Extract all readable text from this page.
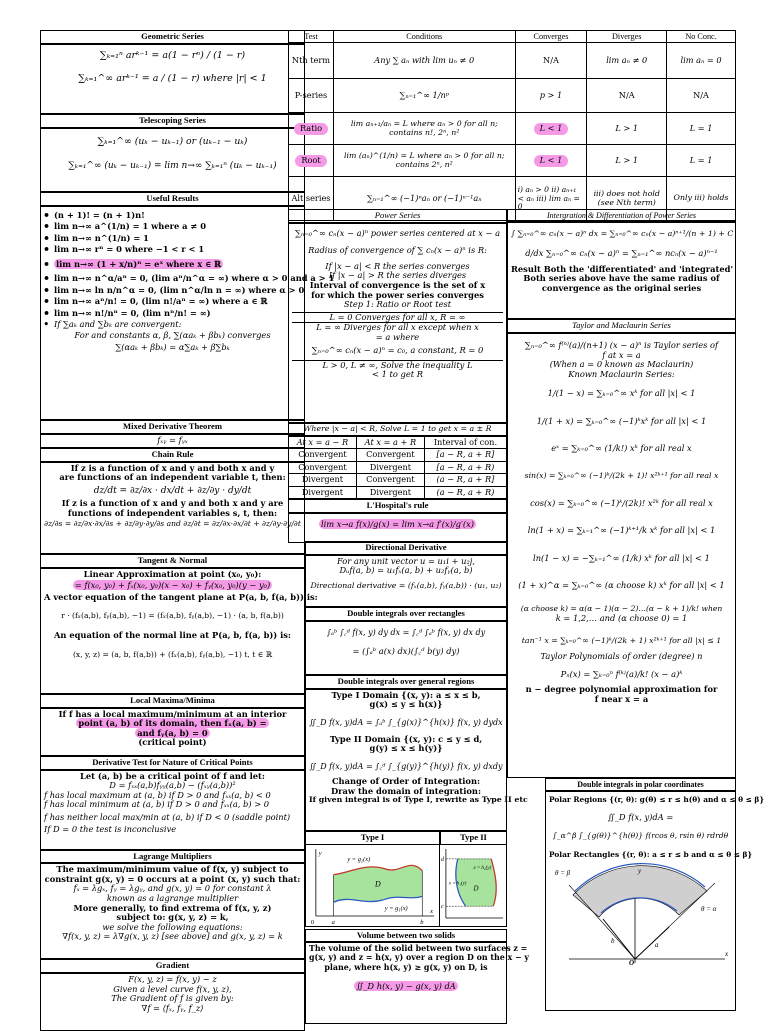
Geometric Series
∑ₖ₌₁ⁿ arᵏ⁻¹ = a(1 − rⁿ) / (1 − r)
∑ₖ₌₁^∞ arᵏ⁻¹ = a / (1 − r) where |r| < 1
Telescoping Series
∑ₖ₌₁^∞ (uₖ − uₖ₋₁) or (uₖ₋₁ − uₖ)
∑ₖ₌₁^∞ (uₖ − uₖ₋₁) = lim n→∞ ∑ₖ₌₁ⁿ (uₖ − uₖ₋₁)
Useful Results
• (n + 1)! = (n + 1)n!
• lim n→∞ a^(1/n) = 1 where a ≠ 0
• lim n→∞ n^(1/n) = 1
• lim n→∞ rⁿ = 0 where −1 < r < 1
• lim n→∞ (1 + x/n)ⁿ = eˣ where x ∈ ℝ
• lim n→∞ n^α/aⁿ = 0, (lim aⁿ/n^α = ∞) where α > 0 and a > 1
• lim n→∞ ln n/n^α = 0, (lim n^α/ln n = ∞) where α > 0
• lim n→∞ aⁿ/n! = 0, (lim n!/aⁿ = ∞) where a ∈ ℝ
• lim n→∞ n!/nⁿ = 0, (lim nⁿ/n! = ∞)
• If ∑aₖ and ∑bₖ are convergent:
For and constants α, β, ∑(αaₖ + βbₖ) converges
∑(αaₖ + βbₖ) = α∑aₖ + β∑bₖ
Mixed Derivative Theorem
fₓᵧ = fᵧₓ
Chain Rule
If z is a function of x and y and both x and y
are functions of an independent variable t, then:
dz/dt = ∂z/∂x · dx/dt + ∂z/∂y · dy/dt
If z is a function of x and y and both x and y are
functions of independent variables s, t, then:
∂z/∂s = ∂z/∂x·∂x/∂s + ∂z/∂y·∂y/∂s and ∂z/∂t = ∂z/∂x·∂x/∂t + ∂z/∂y·∂y/∂t
Tangent & Normal
Linear Approximation at point (x₀, y₀):
= f(x₀, y₀) + fₓ(x₀, y₀)(x − x₀) + fᵧ(x₀, y₀)(y − y₀)
A vector equation of the tangent plane at P(a, b, f(a, b)) is:
r · (fₓ(a,b), fᵧ(a,b), −1) = (fₓ(a,b), fᵧ(a,b), −1) · (a, b, f(a,b))
An equation of the normal line at P(a, b, f(a, b)) is:
(x, y, z) = (a, b, f(a,b)) + (fₓ(a,b), fᵧ(a,b), −1) t, t ∈ ℝ
Local Maxima/Minima
If f has a local maximum/minimum at an interior
point (a, b) of its domain, then fₓ(a, b) =
and fᵧ(a, b) = 0
(critical point)
Derivative Test for Nature of Critical Points
Let (a, b) be a critical point of f and let:
D = fₓₓ(a,b)fᵧᵧ(a,b) − (fₓᵧ(a,b))²
f has local maximum at (a, b) if D > 0 and fₓₓ(a, b) < 0
f has local minimum at (a, b) if D > 0 and fₓₓ(a, b) > 0
f has neither local max/min at (a, b) if D < 0 (saddle point)
If D = 0 the test is inconclusive
Lagrange Multipliers
The maximum/minimum value of f(x, y) subject to
constraint g(x, y) = 0 occurs at a point (x, y) such that:
fₓ = λgₓ, fᵧ = λgᵧ, and g(x, y) = 0 for constant λ
known as a lagrange multiplier
More generally, to find extrema of f(x, y, z)
subject to: g(x, y, z) = k,
we solve the following equations:
∇f(x, y, z) = λ∇g(x, y, z) [see above] and g(x, y, z) = k
Gradient
F(x, y, z) = f(x, y) − z
Given a level curve f(x, y, z),
The Gradient of f is given by:
∇f = ⟨fₓ, fᵧ, f_z⟩
Test	Conditions	Converges	Diverges	No Conc.
Nth term	Any ∑ aₙ with lim uₙ ≠ 0	N/A	lim aₙ ≠ 0	lim aₙ = 0
P-series	∑ₙ₌₁^∞ 1/nᵖ	p > 1	N/A	N/A
Ratio	lim aₙ₊₁/aₙ = L where aₙ > 0 for all n; contains n!, 2ⁿ, n²	L < 1	L > 1	L = 1
Root	lim (aₙ)^(1/n) = L where aₙ > 0 for all n; contains 2ⁿ, n²	L < 1	L > 1	L = 1
Alt series	∑ₙ₌₁^∞ (−1)ⁿaₙ or (−1)ⁿ⁻¹aₙ	i) aₙ > 0 ii) aₙ₊₁ < aₙ iii) lim aₙ = 0	iii) does not hold (see Nth term)	Only iii) holds
Power Series
∑ₙ₌₀^∞ cₙ(x − a)ⁿ power series centered at x − a
Radius of convergence of ∑ cₙ(x − a)ⁿ is R:
If |x − a| < R the series converges
If |x − a| > R the series diverges
Interval of convergence is the set of x
for which the power series converges
Step 1: Ratio or Root test
L = 0 Converges for all x, R = ∞
L = ∞ Diverges for all x except when x
= a where
∑ₙ₌₀^∞ cₙ(x − a)ⁿ = c₀, a constant, R = 0
L > 0, L ≠ ∞, Solve the inequality L
< 1 to get R
Where |x − a| < R, Solve L = 1 to get x = a ± R
At x = a − R	At x = a + R	Interval of con.
Convergent	Convergent	[a − R, a + R]
Convergent	Divergent	[a − R, a + R)
Divergent	Convergent	(a − R, a + R]
Divergent	Divergent	(a − R, a + R)
L'Hospital's rule
lim x→a f(x)/g(x) = lim x→a f′(x)/g′(x)
Intergration & Differentiation of Power Series
∫ ∑ₙ₌₀^∞ cₙ(x − a)ⁿ dx = ∑ₙ₌₀^∞ cₙ(x − a)ⁿ⁺¹/(n + 1) + C
d/dx ∑ₙ₌₀^∞ cₙ(x − a)ⁿ = ∑ₙ₌₁^∞ ncₙ(x − a)ⁿ⁻¹
Result Both the 'differentiated' and 'integrated'
Both series above have the same radius of
convergence as the original series
Taylor and Maclaurin Series
∑ₙ₌₀^∞ f⁽ⁿ⁾(a)/(n+1) (x − a)ⁿ is Taylor series of
f at x = a
(When a = 0 known as Maclaurin)
Known Maclaurin Series:
1/(1 − x) = ∑ₖ₌₀^∞ xᵏ for all |x| < 1
1/(1 + x) = ∑ₖ₌₀^∞ (−1)ᵏxᵏ for all |x| < 1
eˣ = ∑ₖ₌₀^∞ (1/k!) xᵏ for all real x
sin(x) = ∑ₖ₌₀^∞ (−1)ᵏ/(2k + 1)! x²ᵏ⁺¹ for all real x
cos(x) = ∑ₖ₌₀^∞ (−1)ᵏ/(2k)! x²ᵏ for all real x
ln(1 + x) = ∑ₖ₌₁^∞ (−1)ᵏ⁺¹/k xᵏ for all |x| < 1
ln(1 − x) = −∑ₖ₌₁^∞ (1/k) xᵏ for all |x| < 1
(1 + x)^α = ∑ₖ₌₀^∞ (α choose k) xᵏ for all |x| < 1
(α choose k) = α(α − 1)(α − 2)…(α − k + 1)/k! when
k = 1,2,… and (α choose 0) = 1
tan⁻¹ x = ∑ₖ₌₀^∞ (−1)ᵏ/(2k + 1) x²ᵏ⁺¹ for all |x| ≤ 1
Taylor Polynomials of order (degree) n
Pₙ(x) = ∑ₖ₌₀ⁿ f⁽ᵏ⁾(a)/k! (x − a)ᵏ
n − degree polynomial approximation for
f near x = a
Directional Derivative
For any unit vector u = u₁i + u₂j,
Dᵤf(a, b) = u₁fₓ(a, b) + u₂fᵧ(a, b)
Directional derivative = (fₓ(a,b), fᵧ(a,b)) · (u₁, u₂)
Double integrals over rectangles
∫ₐᵇ ∫꜀ᵈ f(x, y) dy dx = ∫꜀ᵈ ∫ₐᵇ f(x, y) dx dy
= (∫ₐᵇ a(x) dx)(∫꜀ᵈ b(y) dy)
Double integrals over general regions
Type I Domain {(x, y): a ≤ x ≤ b,
g(x) ≤ y ≤ h(x)}
∬_D f(x, y)dA = ∫ₐᵇ ∫_{g(x)}^{h(x)} f(x, y) dydx
Type II Domain {(x, y): c ≤ y ≤ d,
g(y) ≤ x ≤ h(y)}
∬_D f(x, y)dA = ∫꜀ᵈ ∫_{g(y)}^{h(y)} f(x, y) dxdy
Change of Order of Integration:
Draw the domain of integration:
If given integral is of Type I, rewrite as Type II etc
Type I
y = g₂(x)
y = g₁(x)
D
a	b
0
x
y
Type II
x = h₂(y)
x = h₁(y)
d
c
D
Volume between two solids
The volume of the solid between two surfaces z =
g(x, y) and z = h(x, y) over a region D on the x − y
plane, where h(x, y) ≥ g(x, y) on D, is
∬_D h(x, y) − g(x, y) dA
Double integrals in polar coordinates
Polar Regions {(r, θ): g(θ) ≤ r ≤ h(θ) and α ≤ θ ≤ β}
∬_D f(x, y)dA =
∫_α^β ∫_{g(θ)}^{h(θ)} f(rcos θ, rsin θ) rdrdθ
Polar Rectangles {(r, θ): a ≤ r ≤ b and α ≤ θ ≤ β}
θ = β
θ = α
b	a
O
x
y
